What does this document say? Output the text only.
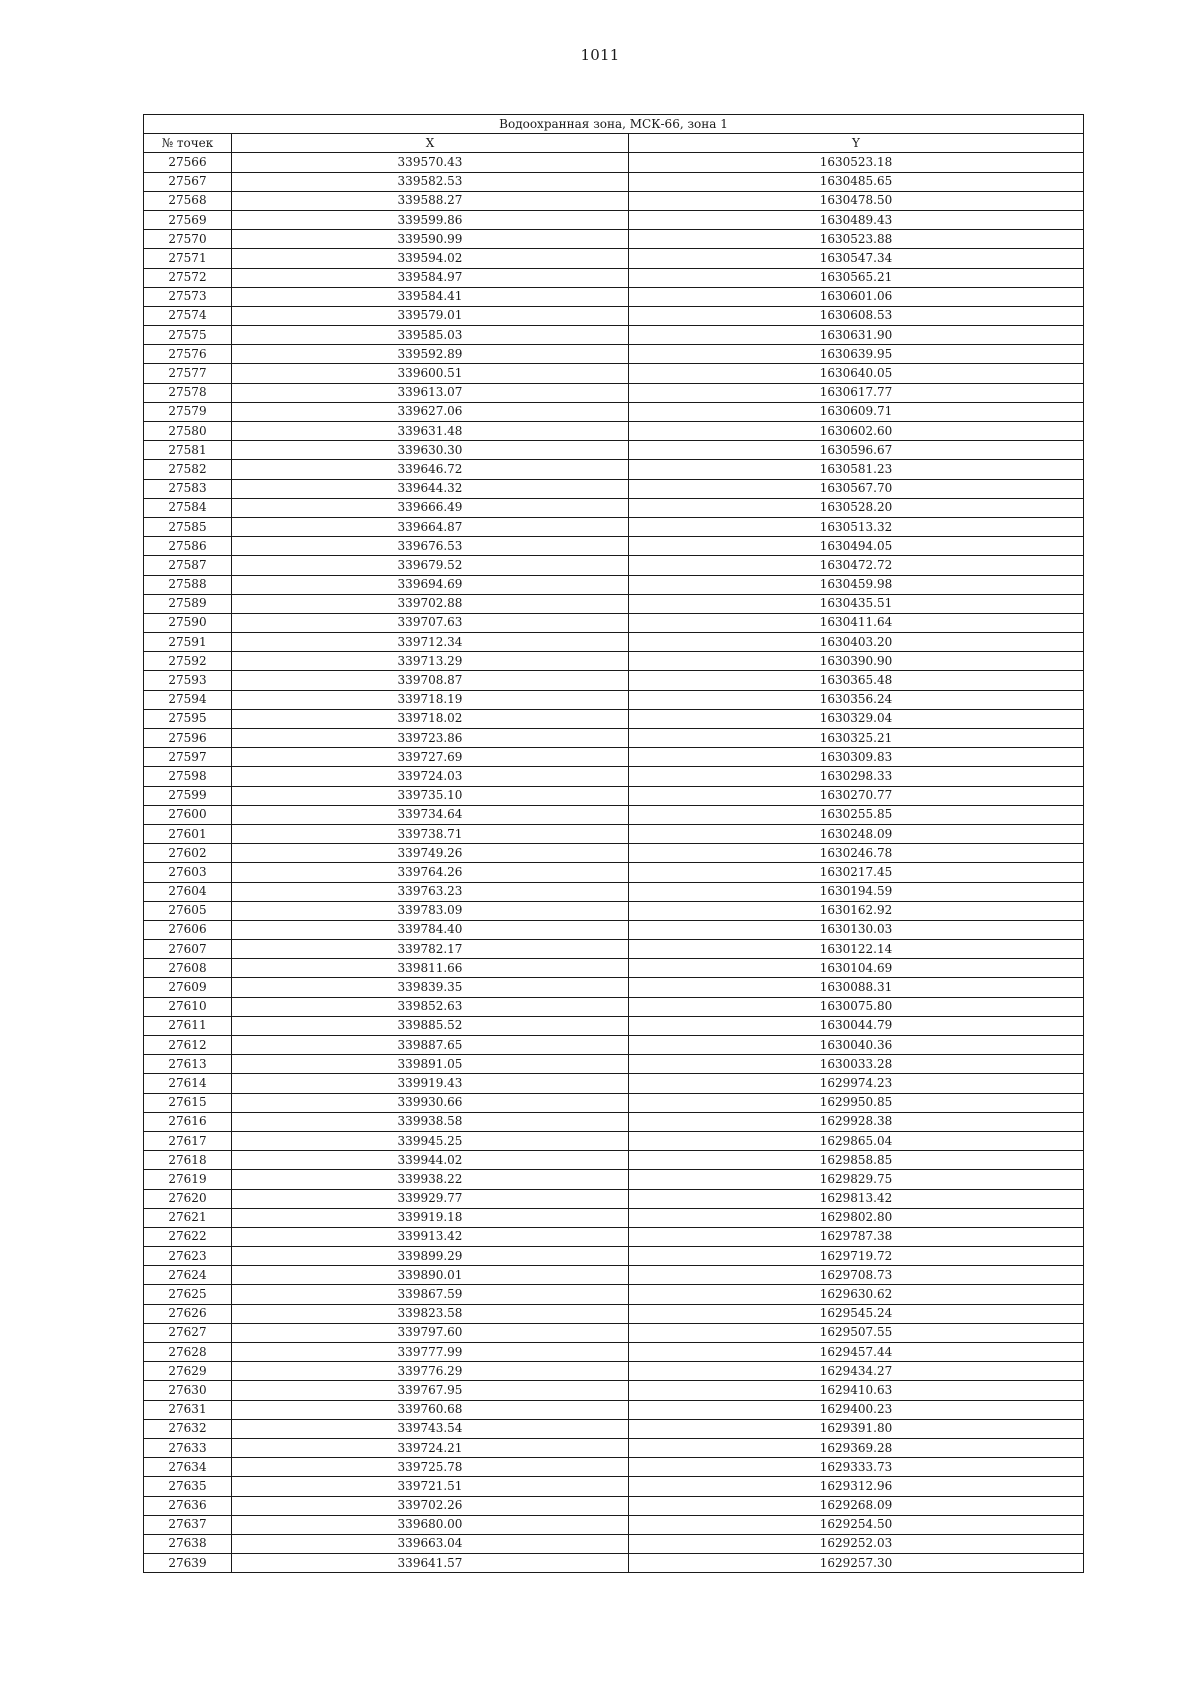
1011
Водоохранная зона, МСК-66, зона 1		
№ точек	X	Y
27566	339570.43	1630523.18
27567	339582.53	1630485.65
27568	339588.27	1630478.50
27569	339599.86	1630489.43
27570	339590.99	1630523.88
27571	339594.02	1630547.34
27572	339584.97	1630565.21
27573	339584.41	1630601.06
27574	339579.01	1630608.53
27575	339585.03	1630631.90
27576	339592.89	1630639.95
27577	339600.51	1630640.05
27578	339613.07	1630617.77
27579	339627.06	1630609.71
27580	339631.48	1630602.60
27581	339630.30	1630596.67
27582	339646.72	1630581.23
27583	339644.32	1630567.70
27584	339666.49	1630528.20
27585	339664.87	1630513.32
27586	339676.53	1630494.05
27587	339679.52	1630472.72
27588	339694.69	1630459.98
27589	339702.88	1630435.51
27590	339707.63	1630411.64
27591	339712.34	1630403.20
27592	339713.29	1630390.90
27593	339708.87	1630365.48
27594	339718.19	1630356.24
27595	339718.02	1630329.04
27596	339723.86	1630325.21
27597	339727.69	1630309.83
27598	339724.03	1630298.33
27599	339735.10	1630270.77
27600	339734.64	1630255.85
27601	339738.71	1630248.09
27602	339749.26	1630246.78
27603	339764.26	1630217.45
27604	339763.23	1630194.59
27605	339783.09	1630162.92
27606	339784.40	1630130.03
27607	339782.17	1630122.14
27608	339811.66	1630104.69
27609	339839.35	1630088.31
27610	339852.63	1630075.80
27611	339885.52	1630044.79
27612	339887.65	1630040.36
27613	339891.05	1630033.28
27614	339919.43	1629974.23
27615	339930.66	1629950.85
27616	339938.58	1629928.38
27617	339945.25	1629865.04
27618	339944.02	1629858.85
27619	339938.22	1629829.75
27620	339929.77	1629813.42
27621	339919.18	1629802.80
27622	339913.42	1629787.38
27623	339899.29	1629719.72
27624	339890.01	1629708.73
27625	339867.59	1629630.62
27626	339823.58	1629545.24
27627	339797.60	1629507.55
27628	339777.99	1629457.44
27629	339776.29	1629434.27
27630	339767.95	1629410.63
27631	339760.68	1629400.23
27632	339743.54	1629391.80
27633	339724.21	1629369.28
27634	339725.78	1629333.73
27635	339721.51	1629312.96
27636	339702.26	1629268.09
27637	339680.00	1629254.50
27638	339663.04	1629252.03
27639	339641.57	1629257.30
